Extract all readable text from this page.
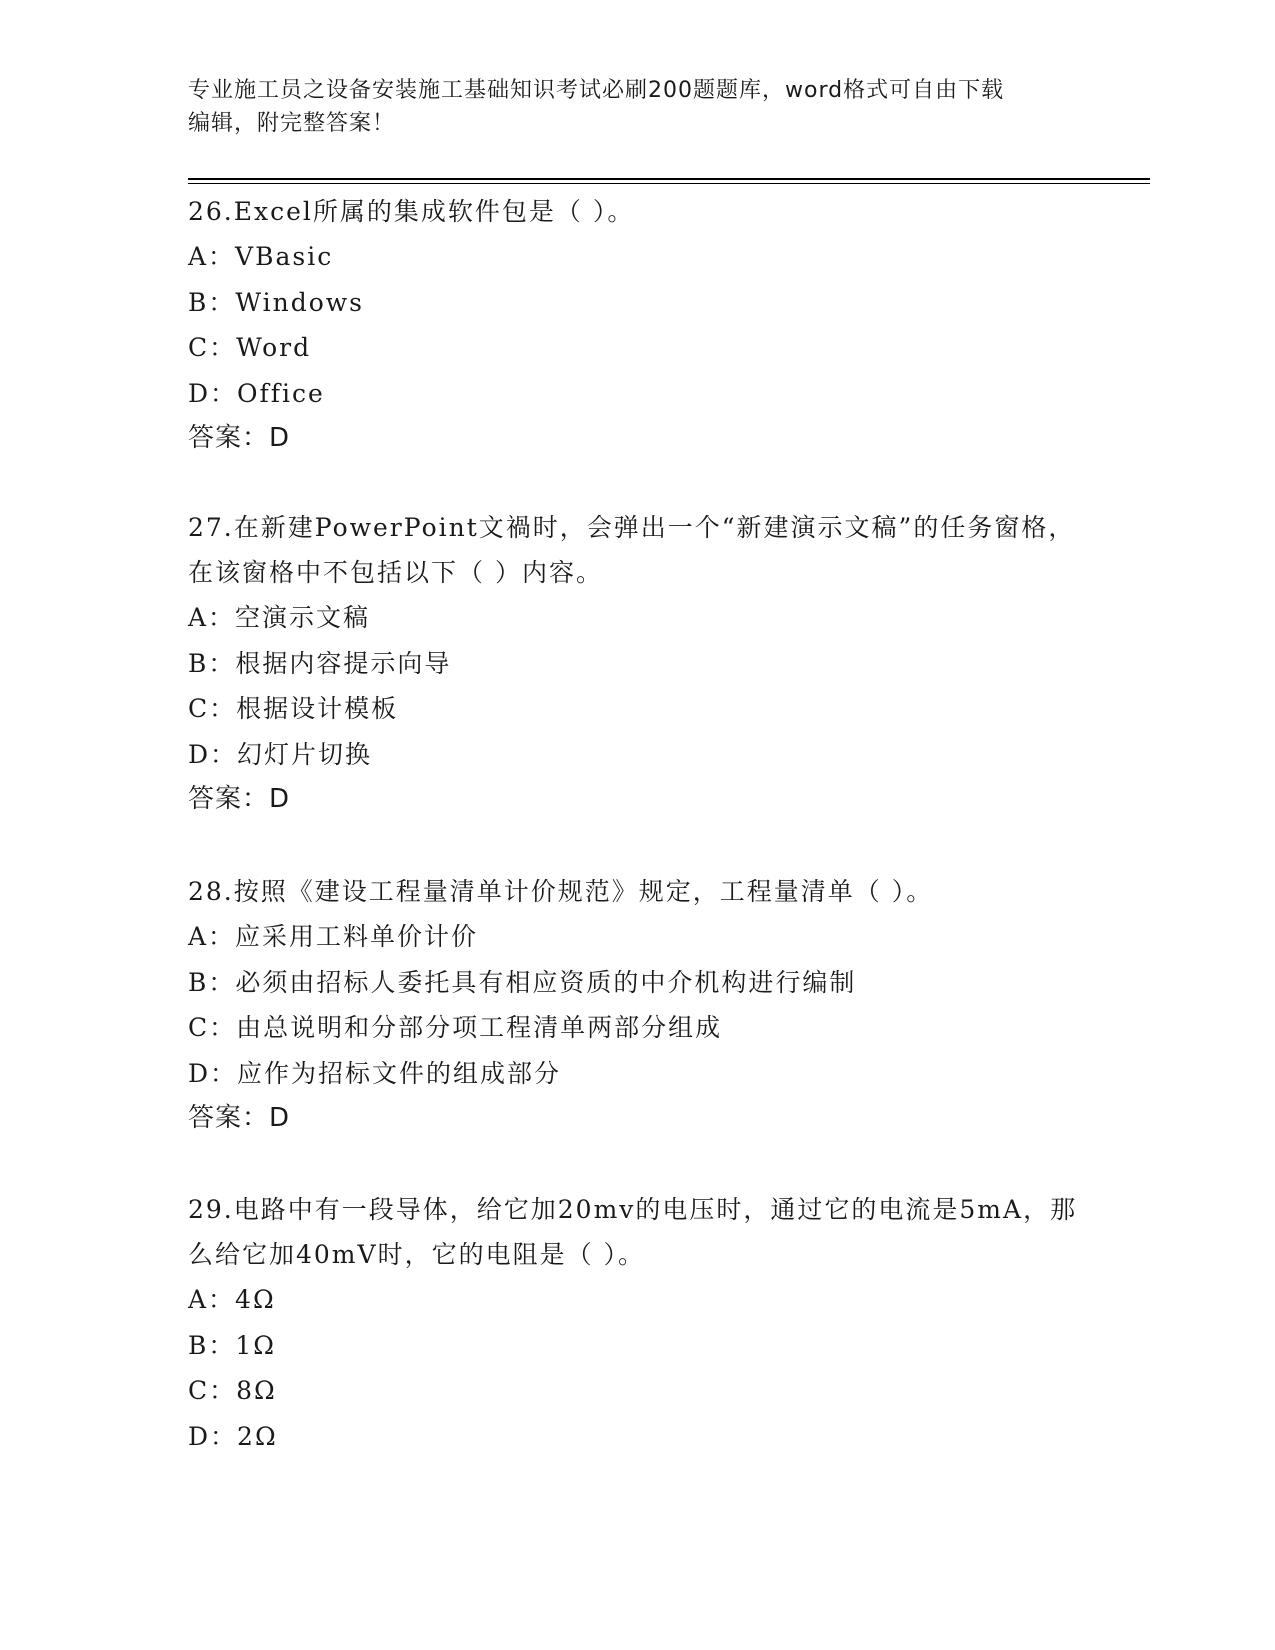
专业施工员之设备安装施工基础知识考试必刷200题题库，word格式可自由下载
编辑，附完整答案！
26.Excel所属的集成软件包是（ ）。
A：VBasic
B：Windows
C：Word
D：Office
答案：D
27.在新建PowerPoint文禍时，会弹出一个“新建演示文稿”的任务窗格，在该窗格中不包括以下（ ）内容。
A：空演示文稿
B：根据内容提示向导
C：根据设计模板
D：幻灯片切换
答案：D
28.按照《建设工程量清单计价规范》规定，工程量清单（ ）。
A：应采用工料单价计价
B：必须由招标人委托具有相应资质的中介机构进行编制
C：由总说明和分部分项工程清单两部分组成
D：应作为招标文件的组成部分
答案：D
29.电路中有一段导体，给它加20mv的电压时，通过它的电流是5mA，那么给它加40mV时，它的电阻是（ ）。
A：4Ω
B：1Ω
C：8Ω
D：2Ω
